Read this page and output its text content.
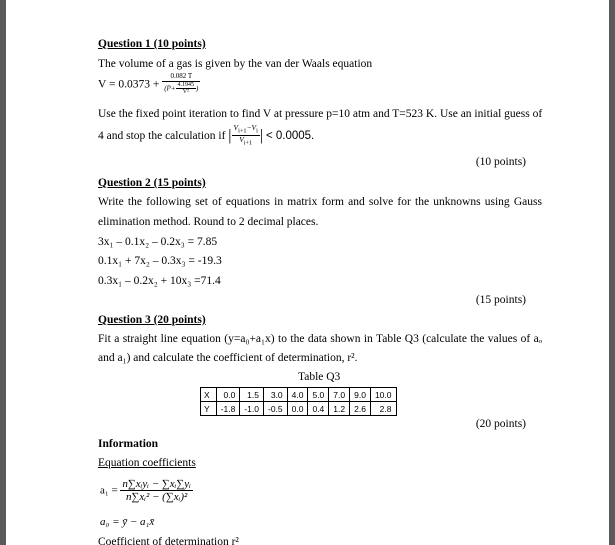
Question 1 (10 points)
The volume of a gas is given by the van der Waals equation
$V = 0.0373 + \frac{0.082 T}{(P+ \frac{4.1945}{\text{V²}} )}$
Use the fixed point iteration to find V at pressure p=10 atm and T=523 K. Use an initial guess of
4 and stop the calculation if | $\frac{V_{i+1}-V_i}{V_{i+1}}$ | < 0.0005.
(10 points)
Question 2 (15 points)
Write the following set of equations in matrix form and solve for the unknowns using Gauss
elimination method. Round to 2 decimal places.
3x₁ – 0.1x₂ – 0.2x₃ = 7.85
0.1x₁ + 7x₂ – 0.3x₃ = -19.3
0.3x₁ – 0.2x₂ + 10x₃ =71.4
(15 points)
Question 3 (20 points)
Fit a straight line equation (y=a₀+a₁x) to the data shown in Table Q3 (calculate the values of aₒ
and a₁) and calculate the coefficient of determination, r².
Table Q3
X	0.0	1.5	3.0	4.0	5.0	7.0	9.0	10.0
Y	-1.8	-1.0	-0.5	0.0	0.4	1.2	2.6	2.8
(20 points)
Information
Equation coefficients
$a_1 = \frac{\text{n∑xᵢyᵢ − ∑xᵢ∑yᵢ}}{\text{n∑xᵢ² − (∑xᵢ)²}}$
a₀ = ȳ − a₁x̄
Coefficient of determination r²
